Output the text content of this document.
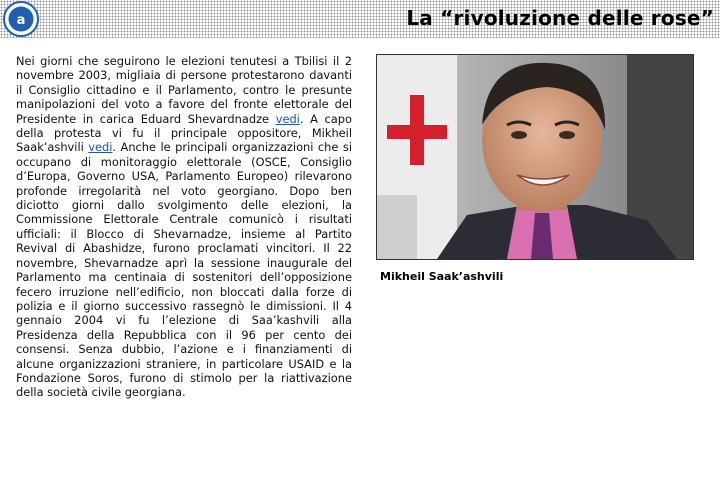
a	La “rivoluzione delle rose”
Nei giorni che seguirono le elezioni tenutesi a Tbilisi il 2 novembre 2003, migliaia di persone protestarono davanti il Consiglio cittadino e il Parlamento, contro le presunte manipolazioni del voto a favore del fronte elettorale del Presidente in carica Eduard Shevardnadze vedi. A capo della protesta vi fu il principale oppositore, Mikheil Saak’ashvili vedi. Anche le principali organizzazioni che si occupano di monitoraggio elettorale (OSCE, Consiglio d’Europa, Governo USA, Parlamento Europeo) rilevarono profonde irregolarità nel voto georgiano. Dopo ben diciotto giorni dallo svolgimento delle elezioni, la Commissione Elettorale Centrale comunicò i risultati ufficiali: il Blocco di Shevarnadze, insieme al Partito Revival di Abashidze, furono proclamati vincitori. Il 22 novembre, Shevarnadze aprì la sessione inaugurale del Parlamento ma centinaia di sostenitori dell’opposizione fecero irruzione nell’edificio, non bloccati dalla forze di polizia e il giorno successivo rassegnò le dimissioni. Il 4 gennaio 2004 vi fu l’elezione di Saa’kashvili alla Presidenza della Repubblica con il 96 per cento dei consensi. Senza dubbio, l’azione e i finanziamenti di alcune organizzazioni straniere, in particolare USAID e la Fondazione Soros, furono di stimolo per la riattivazione della società civile georgiana.
Mikheil Saak’ashvili
